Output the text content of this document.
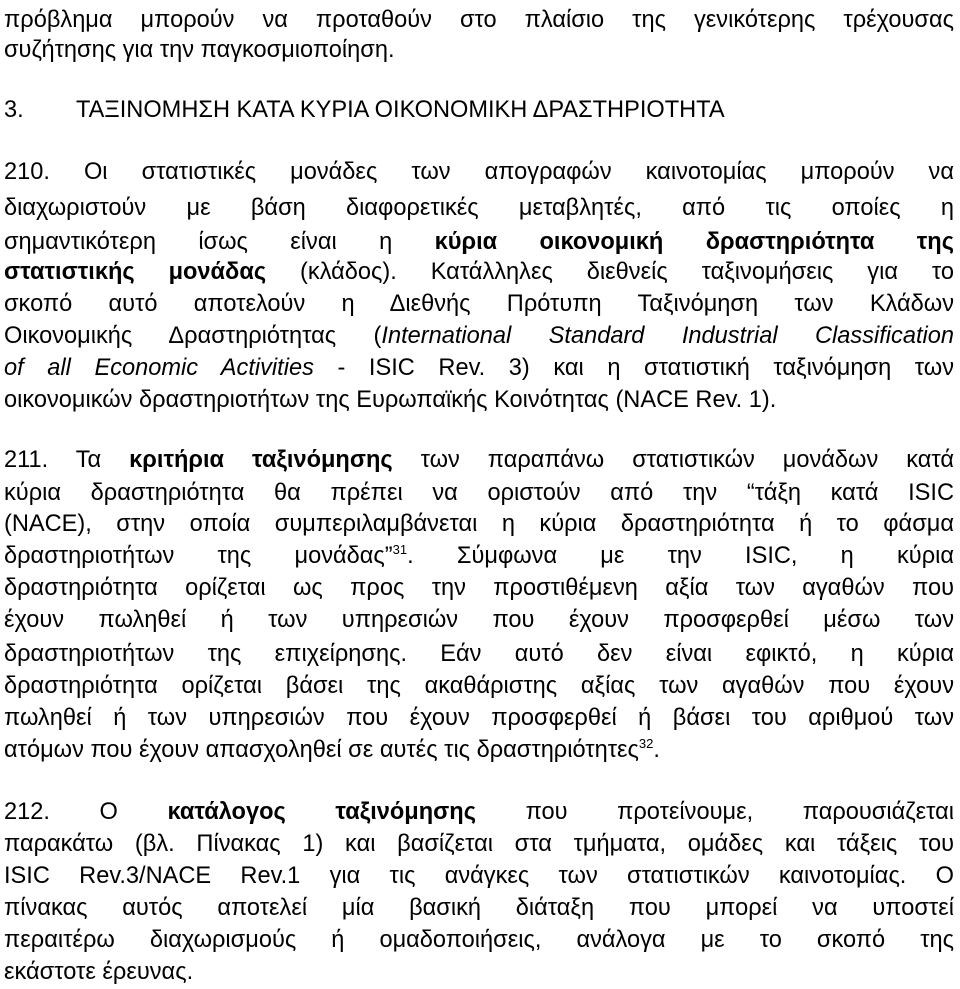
πρόβλημα μπορούν να προταθούν στο πλαίσιο της γενικότερης τρέχουσας
συζήτησης για την παγκοσμιοποίηση.
3. ΤΑΞΙΝΟΜΗΣΗ ΚΑΤΑ ΚΥΡΙΑ ΟΙΚΟΝΟΜΙΚΗ ΔΡΑΣΤΗΡΙΟΤΗΤΑ
210. Οι στατιστικές μονάδες των απογραφών καινοτομίας μπορούν να
διαχωριστούν με βάση διαφορετικές μεταβλητές, από τις οποίες η
σημαντικότερη ίσως είναι η κύρια οικονομική δραστηριότητα της
στατιστικής μονάδας (κλάδος). Κατάλληλες διεθνείς ταξινομήσεις για το
σκοπό αυτό αποτελούν η Διεθνής Πρότυπη Ταξινόμηση των Κλάδων
Οικονομικής Δραστηριότητας (International Standard Industrial Classification
of all Economic Activities - ISIC Rev. 3) και η στατιστική ταξινόμηση των
οικονομικών δραστηριοτήτων της Ευρωπαϊκής Κοινότητας (NACE Rev. 1).
211. Τα κριτήρια ταξινόμησης των παραπάνω στατιστικών μονάδων κατά
κύρια δραστηριότητα θα πρέπει να οριστούν από την “τάξη κατά ISIC
(NACE), στην οποία συμπεριλαμβάνεται η κύρια δραστηριότητα ή το φάσμα
δραστηριοτήτων της μονάδας”$^{31}$. Σύμφωνα με την ISIC, η κύρια
δραστηριότητα ορίζεται ως προς την προστιθέμενη αξία των αγαθών που
έχουν πωληθεί ή των υπηρεσιών που έχουν προσφερθεί μέσω των
δραστηριοτήτων της επιχείρησης. Εάν αυτό δεν είναι εφικτό, η κύρια
δραστηριότητα ορίζεται βάσει της ακαθάριστης αξίας των αγαθών που έχουν
πωληθεί ή των υπηρεσιών που έχουν προσφερθεί ή βάσει του αριθμού των
ατόμων που έχουν απασχοληθεί σε αυτές τις δραστηριότητες$^{32}$.
212. Ο κατάλογος ταξινόμησης που προτείνουμε, παρουσιάζεται
παρακάτω (βλ. Πίνακας 1) και βασίζεται στα τμήματα, ομάδες και τάξεις του
ISIC Rev.3/NACE Rev.1 για τις ανάγκες των στατιστικών καινοτομίας. Ο
πίνακας αυτός αποτελεί μία βασική διάταξη που μπορεί να υποστεί
περαιτέρω διαχωρισμούς ή ομαδοποιήσεις, ανάλογα με το σκοπό της
εκάστοτε έρευνας.
